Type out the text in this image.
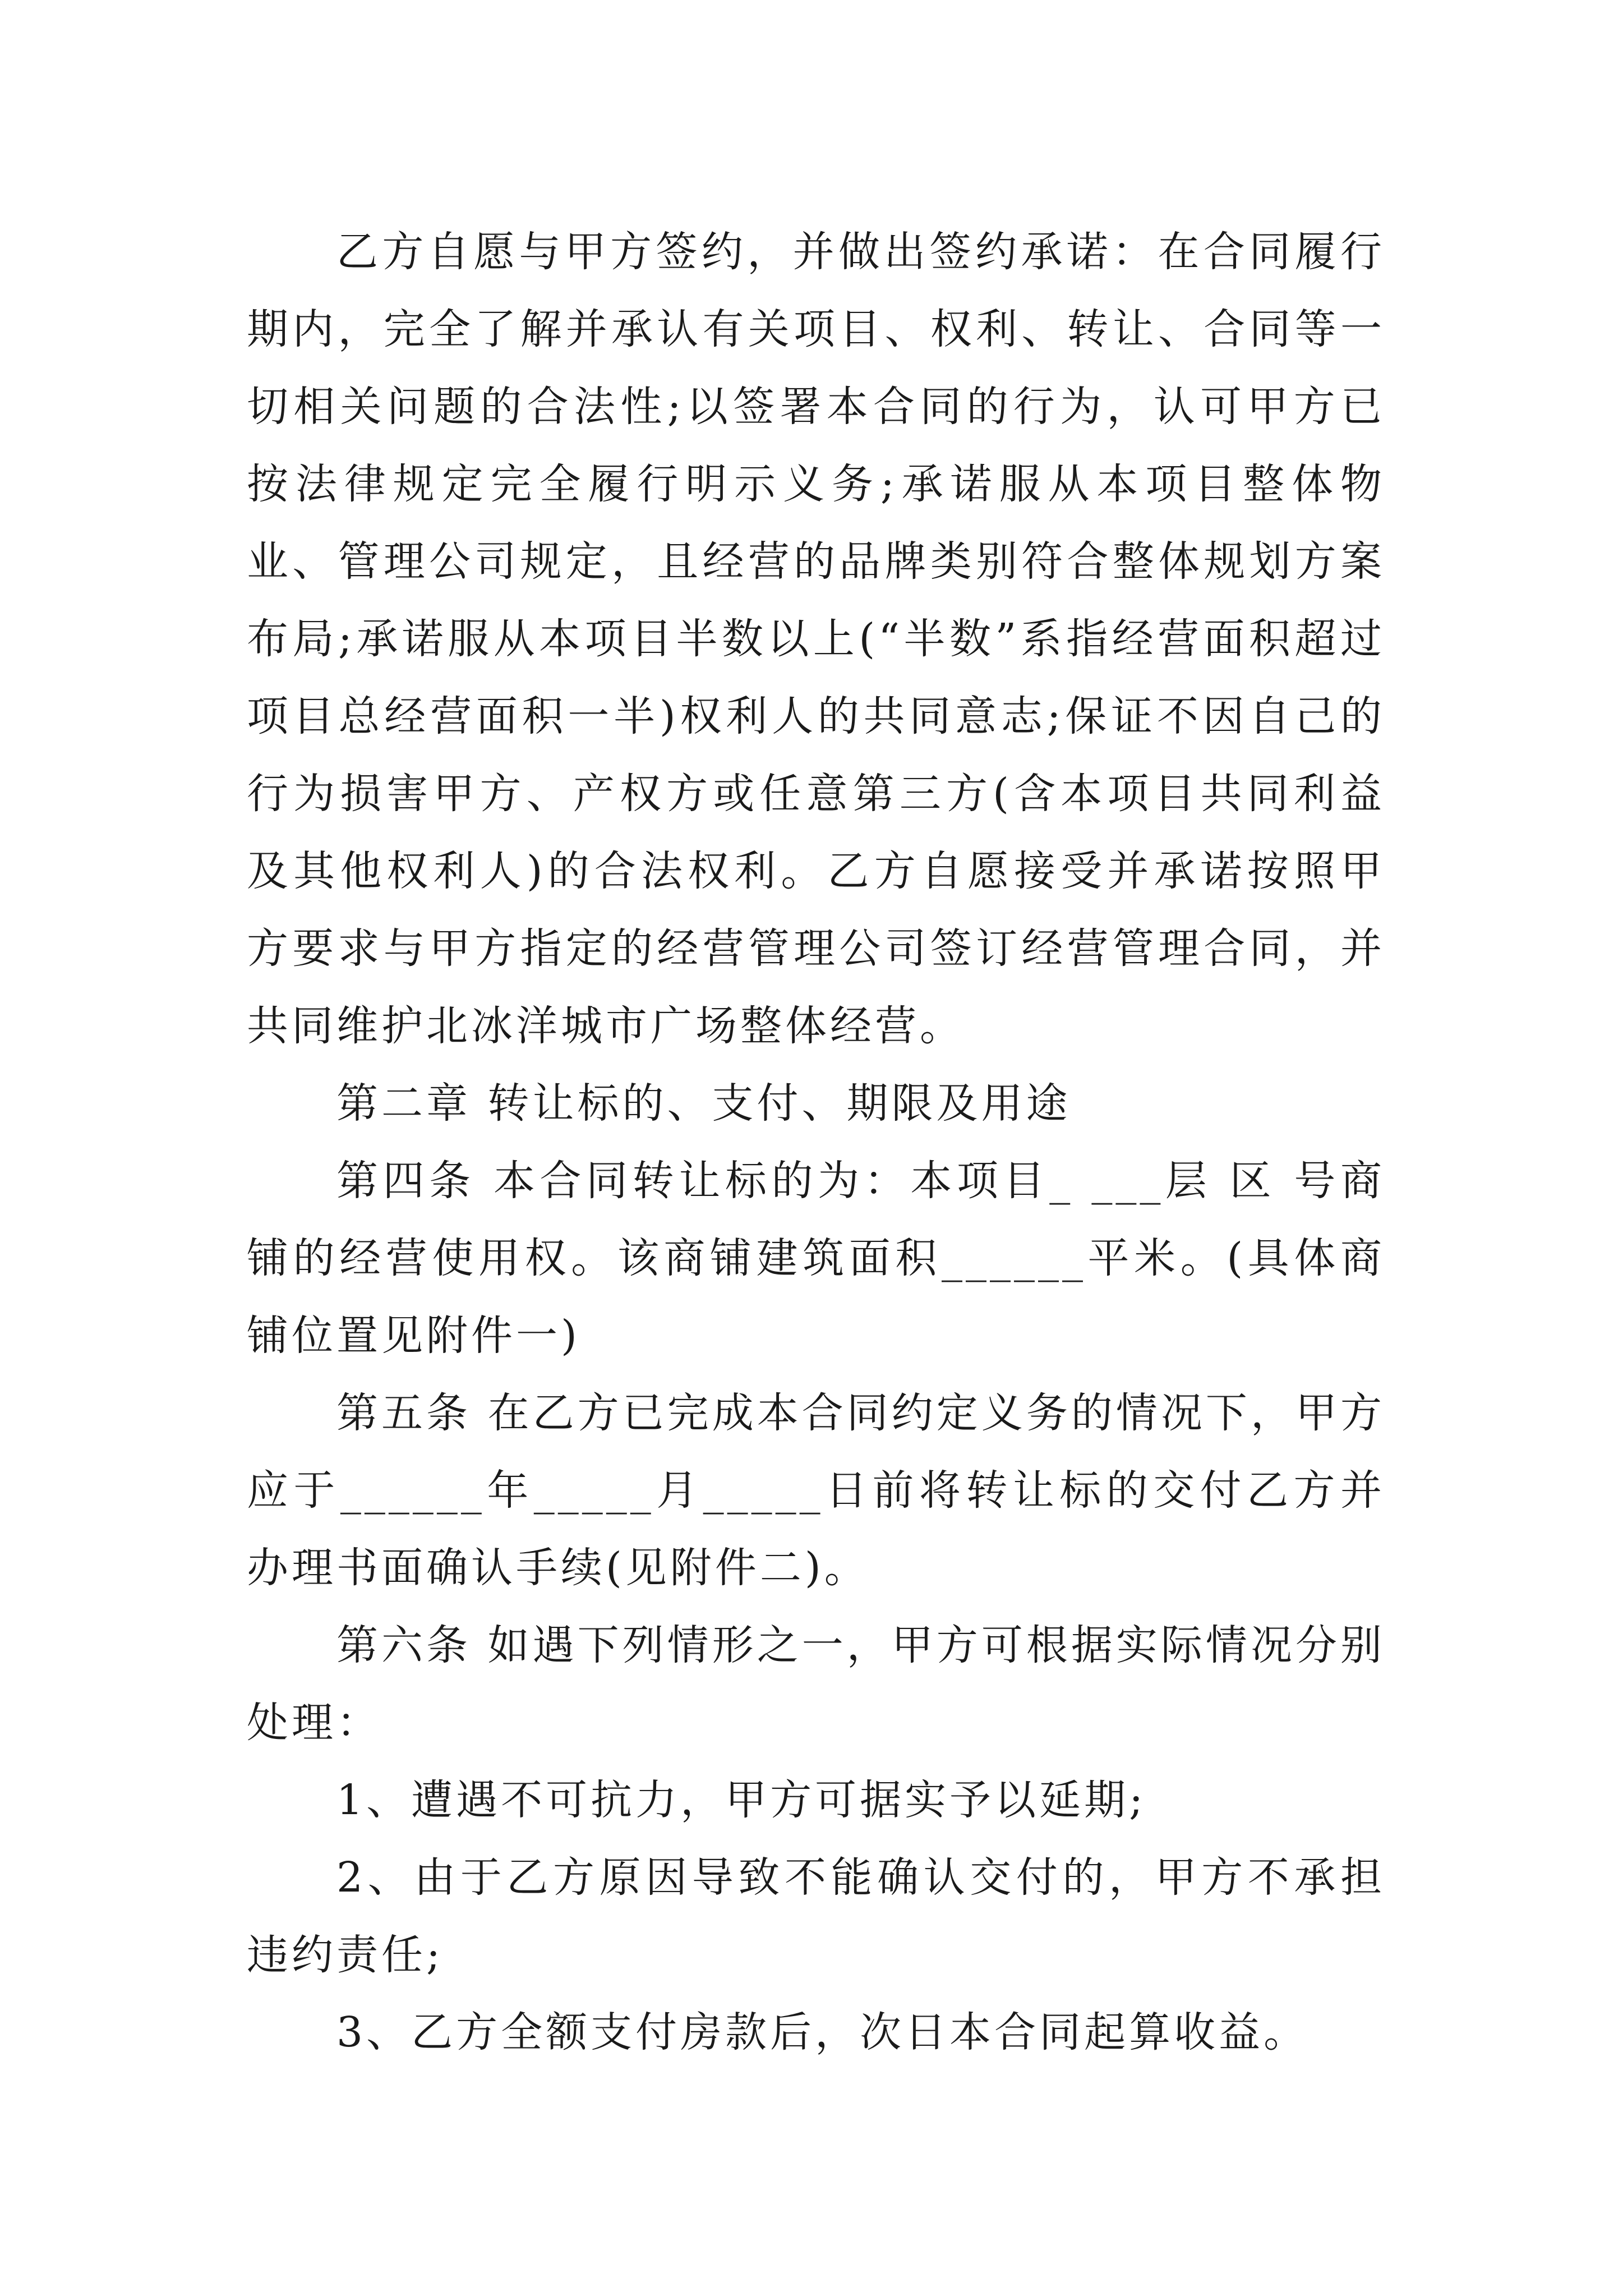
乙方自愿与甲方签约，并做出签约承诺：在合同履行期内，完全了解并承认有关项目、权利、转让、合同等一切相关问题的合法性;以签署本合同的行为，认可甲方已按法律规定完全履行明示义务;承诺服从本项目整体物业、管理公司规定，且经营的品牌类别符合整体规划方案布局;承诺服从本项目半数以上(“半数”系指经营面积超过项目总经营面积一半)权利人的共同意志;保证不因自己的行为损害甲方、产权方或任意第三方(含本项目共同利益及其他权利人)的合法权利。乙方自愿接受并承诺按照甲方要求与甲方指定的经营管理公司签订经营管理合同，并共同维护北冰洋城市广场整体经营。

第二章 转让标的、支付、期限及用途

第四条 本合同转让标的为：本项目_ ___层 区 号商铺的经营使用权。该商铺建筑面积______平米。(具体商铺位置见附件一)

第五条 在乙方已完成本合同约定义务的情况下，甲方应于______年_____月_____日前将转让标的交付乙方并办理书面确认手续(见附件二)。

第六条 如遇下列情形之一，甲方可根据实际情况分别处理：

1、遭遇不可抗力，甲方可据实予以延期;

2、由于乙方原因导致不能确认交付的，甲方不承担违约责任;

3、乙方全额支付房款后，次日本合同起算收益。
